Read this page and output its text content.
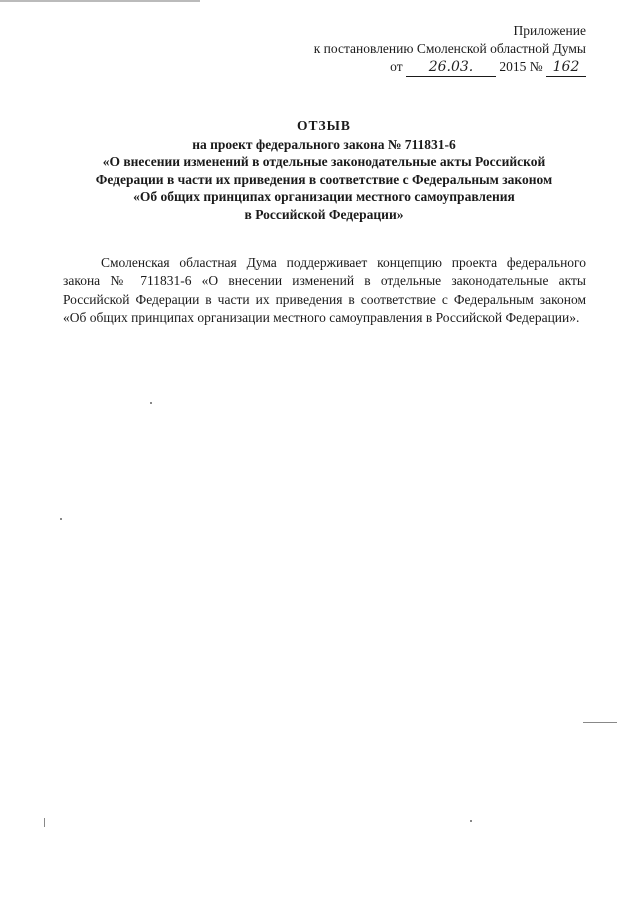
Приложение
к постановлению Смоленской областной Думы
от 26.03. 2015 № 162
ОТЗЫВ
на проект федерального закона № 711831-6
«О внесении изменений в отдельные законодательные акты Российской
Федерации в части их приведения в соответствие с Федеральным законом
«Об общих принципах организации местного самоуправления
в Российской Федерации»

Смоленская областная Дума поддерживает концепцию проекта федерального закона № 711831-6 «О внесении изменений в отдельные законодательные акты Российской Федерации в части их приведения в соответствие с Федеральным законом «Об общих принципах организации местного самоуправления в Российской Федерации».
